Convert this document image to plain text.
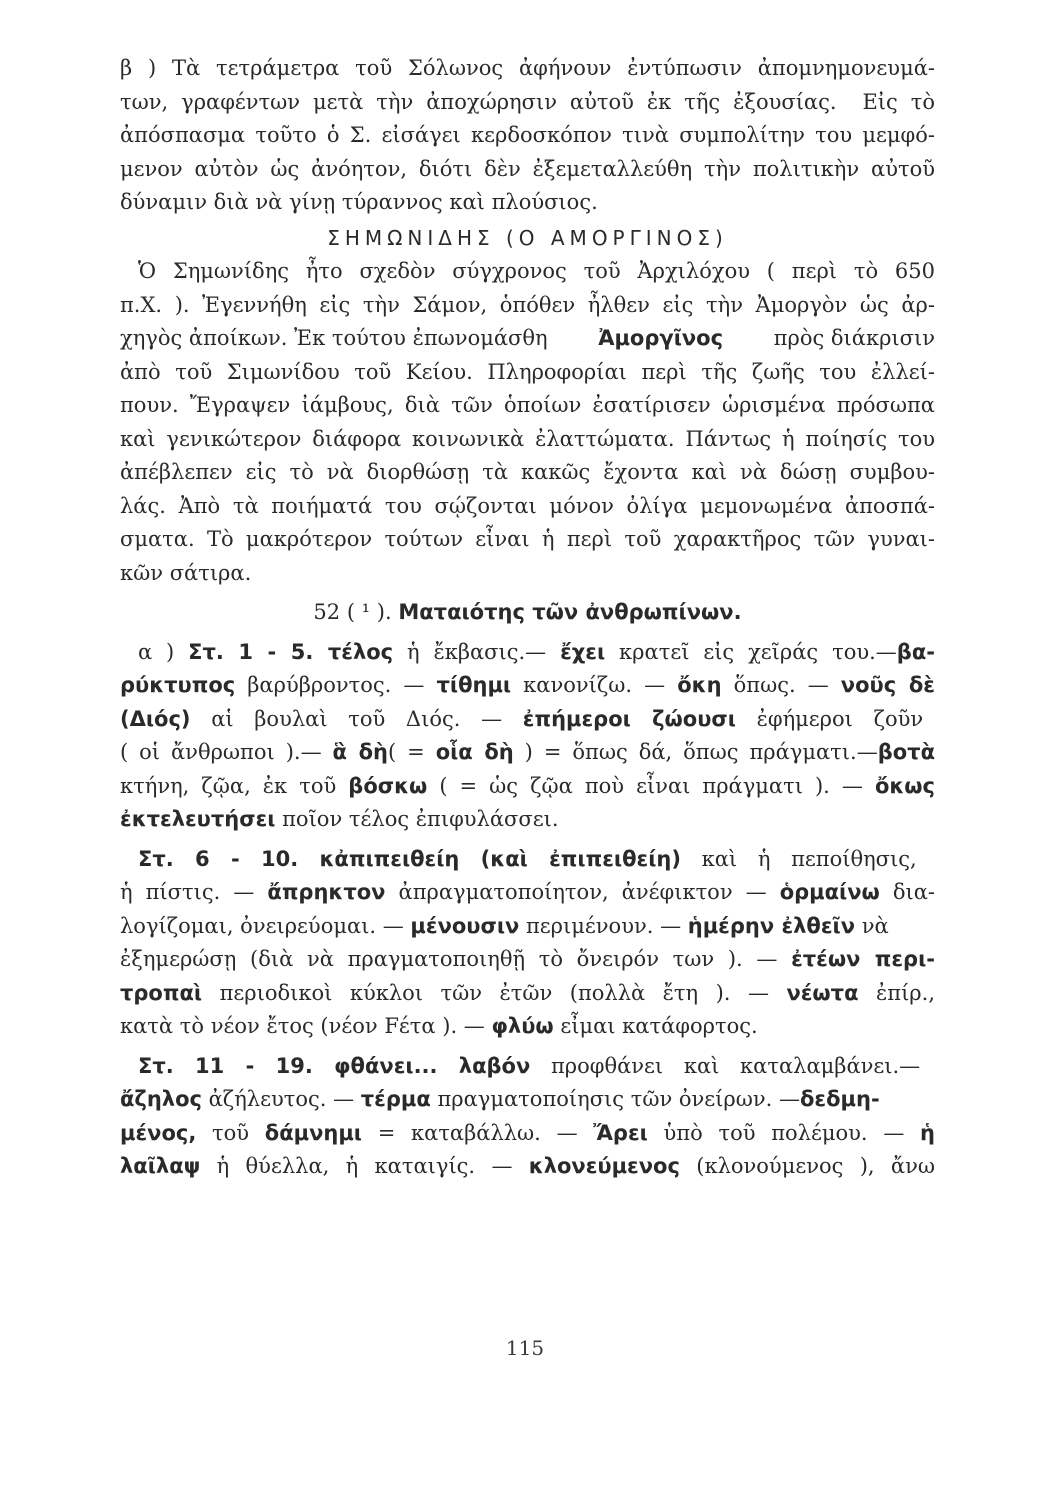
β ) Τὰ τετράμετρα τοῦ Σόλωνος ἀφήνουν ἐντύπωσιν ἀπομνημονευμά-
των, γραφέντων μετὰ τὴν ἀποχώρησιν αὐτοῦ ἐκ τῆς ἐξουσίας.  Εἰς τὸ
ἀπόσπασμα τοῦτο ὁ Σ. εἰσάγει κερδοσκόπον τινὰ συμπολίτην του μεμφό-
μενον αὐτὸν ὡς ἀνόητον, διότι δὲν ἐξεμεταλλεύθη τὴν πολιτικὴν αὐτοῦ
δύναμιν διὰ νὰ γίνῃ τύραννος καὶ πλούσιος.
ΣΗΜΩΝΙΔΗΣ (Ο ΑΜΟΡΓΙΝΟΣ)
Ὁ Σημωνίδης ἦτο σχεδὸν σύγχρονος τοῦ Ἀρχιλόχου ( περὶ τὸ 650
π.Χ. ). Ἐγεννήθη εἰς τὴν Σάμον, ὁπόθεν ἦλθεν εἰς τὴν Ἀμοργὸν ὡς ἀρ-
χηγὸς ἀποίκων. Ἐκ τούτου ἐπωνομάσθη Ἀμοργῖνος πρὸς διάκρισιν
ἀπὸ τοῦ Σιμωνίδου τοῦ Κείου. Πληροφορίαι περὶ τῆς ζωῆς του ἐλλεί-
πουν. Ἔγραψεν ἰάμβους, διὰ τῶν ὁποίων ἐσατίρισεν ὡρισμένα πρόσωπα
καὶ γενικώτερον διάφορα κοινωνικὰ ἐλαττώματα. Πάντως ἡ ποίησίς του
ἀπέβλεπεν εἰς τὸ νὰ διορθώσῃ τὰ κακῶς ἔχοντα καὶ νὰ δώσῃ συμβου-
λάς. Ἀπὸ τὰ ποιήματά του σῴζονται μόνον ὀλίγα μεμονωμένα ἀποσπά-
σματα. Τὸ μακρότερον τούτων εἶναι ἡ περὶ τοῦ χαρακτῆρος τῶν γυναι-
κῶν σάτιρα.
52 ( ¹ ). Ματαιότης τῶν ἀνθρωπίνων.
α ) Στ. 1 - 5. τέλος ἡ ἔκβασις.— ἔχει κρατεῖ εἰς χεῖράς του.—βα-
ρύκτυπος βαρύβροντος. — τίθημι κανονίζω. — ὄκη ὅπως. — νοῦς δὲ
(Διός) αἱ βουλαὶ τοῦ Διός. — ἐπήμεροι ζώουσι ἐφήμεροι ζοῦν
( οἱ ἄνθρωποι ).— ἃ δὴ( = οἷα δὴ ) = ὅπως δά, ὅπως πράγματι.—βοτὰ
κτήνη, ζῷα, ἐκ τοῦ βόσκω ( = ὡς ζῷα ποὺ εἶναι πράγματι ). — ὄκως
ἐκτελευτήσει ποῖον τέλος ἐπιφυλάσσει.
Στ. 6 - 10. κἀπιπειθείη (καὶ ἐπιπειθείη) καὶ ἡ πεποίθησις,
ἡ πίστις. — ἄπρηκτον ἀπραγματοποίητον, ἀνέφικτον — ὁρμαίνω δια-
λογίζομαι, ὀνειρεύομαι. — μένουσιν περιμένουν. — ἡμέρην ἐλθεῖν νὰ
ἐξημερώσῃ (διὰ νὰ πραγματοποιηθῇ τὸ ὄνειρόν των ). — ἐτέων περι-
τροπαὶ περιοδικοὶ κύκλοι τῶν ἐτῶν (πολλὰ ἔτη ). — νέωτα ἐπίρ.,
κατὰ τὸ νέον ἔτος (νέον Fέτα ). — φλύω εἶμαι κατάφορτος.
Στ. 11 - 19. φθάνει... λαβόν προφθάνει καὶ καταλαμβάνει.—
ἄζηλος ἀζήλευτος. — τέρμα πραγματοποίησις τῶν ὀνείρων. —δεδμη-
μένος, τοῦ δάμνημι = καταβάλλω. — Ἄρει ὑπὸ τοῦ πολέμου. — ἡ
λαῖλαψ ἡ θύελλα, ἡ καταιγίς. — κλονεύμενος (κλονούμενος ), ἄνω
115
